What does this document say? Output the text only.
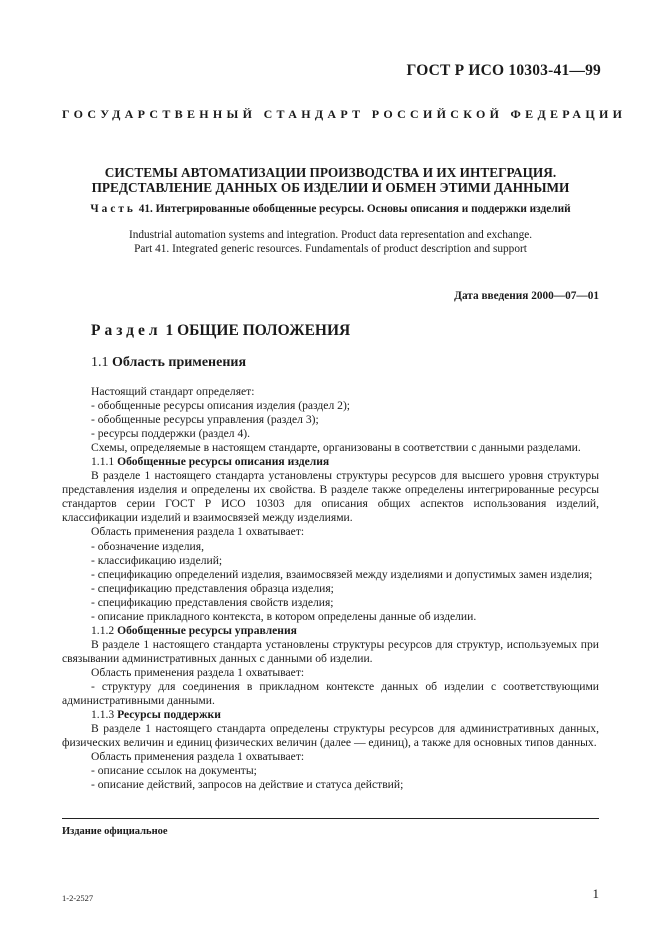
ГОСТ Р ИСО 10303-41—99
ГОСУДАРСТВЕННЫЙ СТАНДАРТ РОССИЙСКОЙ ФЕДЕРАЦИИ
СИСТЕМЫ АВТОМАТИЗАЦИИ ПРОИЗВОДСТВА И ИХ ИНТЕГРАЦИЯ.
ПРЕДСТАВЛЕНИЕ ДАННЫХ ОБ ИЗДЕЛИИ И ОБМЕН ЭТИМИ ДАННЫМИ
Часть 41. Интегрированные обобщенные ресурсы. Основы описания и поддержки изделий
Industrial automation systems and integration. Product data representation and exchange.
Part 41. Integrated generic resources. Fundamentals of product description and support
Дата введения 2000—07—01
Раздел 1 ОБЩИЕ ПОЛОЖЕНИЯ
1.1 Область применения

Настоящий стандарт определяет:

- обобщенные ресурсы описания изделия (раздел 2);

- обобщенные ресурсы управления (раздел 3);

- ресурсы поддержки (раздел 4).

Схемы, определяемые в настоящем стандарте, организованы в соответствии с данными разделами.

1.1.1 Обобщенные ресурсы описания изделия

В разделе 1 настоящего стандарта установлены структуры ресурсов для высшего уровня структуры представления изделия и определены их свойства. В разделе также определены интегрированные ресурсы стандартов серии ГОСТ Р ИСО 10303 для описания общих аспектов использования изделий, классификации изделий и взаимосвязей между изделиями.

Область применения раздела 1 охватывает:

- обозначение изделия,

- классификацию изделий;

- спецификацию определений изделия, взаимосвязей между изделиями и допустимых замен изделия;

- спецификацию представления образца изделия;

- спецификацию представления свойств изделия;

- описание прикладного контекста, в котором определены данные об изделии.

1.1.2 Обобщенные ресурсы управления

В разделе 1 настоящего стандарта установлены структуры ресурсов для структур, используемых при связывании административных данных с данными об изделии.

Область применения раздела 1 охватывает:

- структуру для соединения в прикладном контексте данных об изделии с соответствующими административными данными.

1.1.3 Ресурсы поддержки

В разделе 1 настоящего стандарта определены структуры ресурсов для административных данных, физических величин и единиц физических величин (далее — единиц), а также для основных типов данных.

Область применения раздела 1 охватывает:

- описание ссылок на документы;

- описание действий, запросов на действие и статуса действий;

Издание официальное
1-2-2527	1
